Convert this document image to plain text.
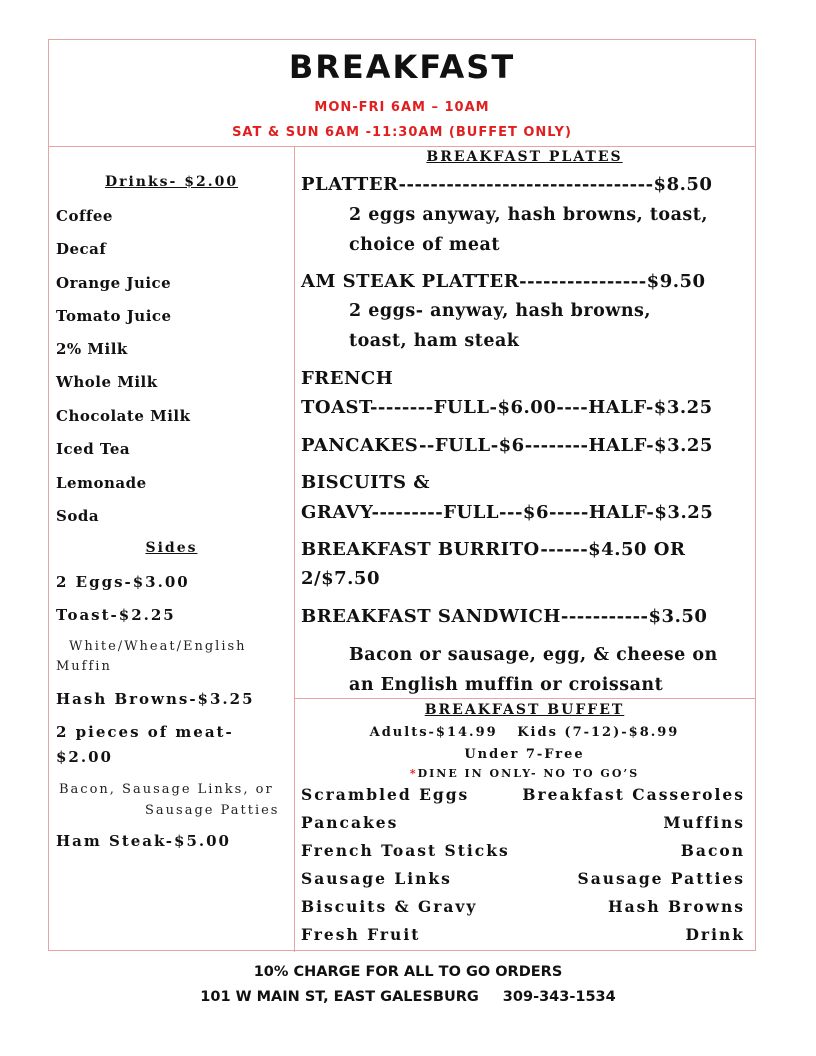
BREAKFAST
MON-FRI 6AM – 10AM
SAT & SUN 6AM -11:30AM (BUFFET ONLY)
Drinks- $2.00
Coffee
Decaf
Orange Juice
Tomato Juice
2% Milk
Whole Milk
Chocolate Milk
Iced Tea
Lemonade
Soda
Sides
2 Eggs-$3.00
Toast-$2.25
White/Wheat/English
Muffin
Hash Browns-$3.25
2 pieces of meat-
$2.00
Bacon, Sausage Links, or
Sausage Patties
Ham Steak-$5.00
BREAKFAST PLATES
PLATTER--------------------------------$8.50
2 eggs anyway, hash browns, toast,
choice of meat
AM STEAK PLATTER----------------$9.50
2 eggs- anyway, hash browns,
toast, ham steak
FRENCH
TOAST--------FULL-$6.00----HALF-$3.25
PANCAKES--FULL-$6--------HALF-$3.25
BISCUITS &
GRAVY---------FULL---$6-----HALF-$3.25
BREAKFAST BURRITO------$4.50 OR
2/$7.50
BREAKFAST SANDWICH-----------$3.50
Bacon or sausage, egg, & cheese on
an English muffin or croissant
BREAKFAST BUFFET
Adults-$14.99   Kids (7-12)-$8.99
Under 7-Free
*DINE IN ONLY- NO TO GO’S
Scrambled Eggs	Breakfast Casseroles
Pancakes	Muffins
French Toast Sticks	Bacon
Sausage Links	Sausage Patties
Biscuits & Gravy	Hash Browns
Fresh Fruit	Drink
10% CHARGE FOR ALL TO GO ORDERS
101 W MAIN ST, EAST GALESBURG 309-343-1534
